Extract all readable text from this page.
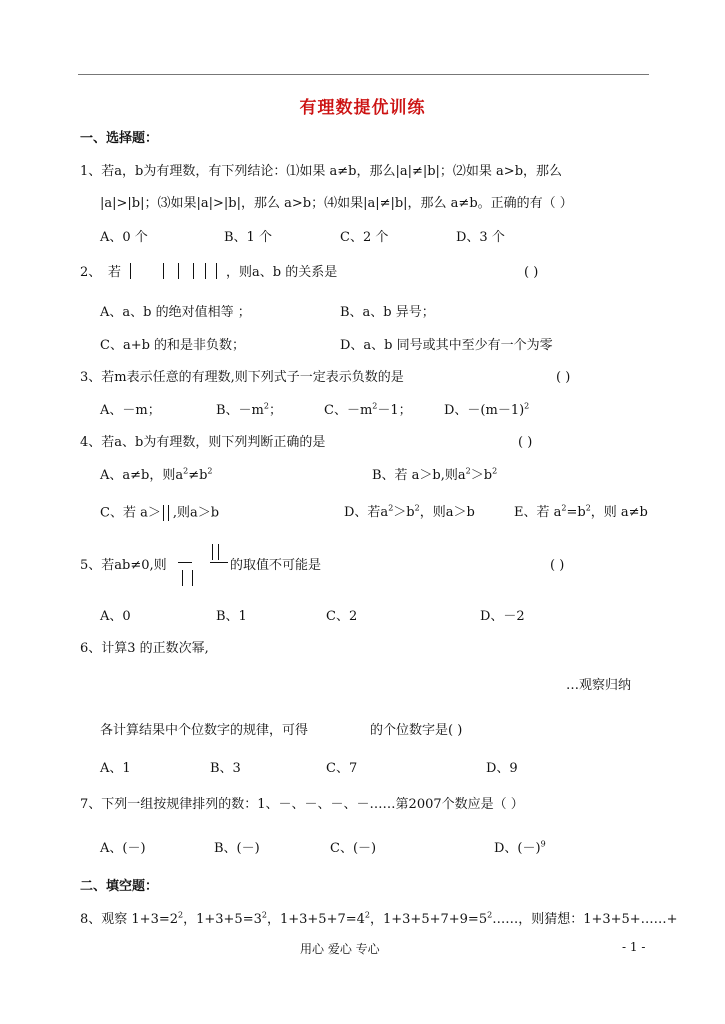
有理数提优训练
一、选择题：
1、若a，b为有理数，有下列结论：⑴如果 a≠b，那么|a|≠|b|；⑵如果 a>b，那么
|a|>|b|；⑶如果|a|>|b|，那么 a>b；⑷如果|a|≠|b|，那么 a≠b。正确的有（ ）
A、0 个	B、1 个	C、2 个	D、3 个
2、 若
	，则a、b 的关系是	( )
A、a、b 的绝对值相等 ；	B、a、b 异号；
C、a+b 的和是非负数；	D、a、b 同号或其中至少有一个为零
3、若m表示任意的有理数,则下列式子一定表示负数的是	( )
A、－m；	B、$-m^2$；	C、$-m^2-1$； D、$-(m-1)^2$
4、若a、b为有理数，则下列判断正确的是	( )
A、a≠b，则$a^2\ne b^2$	B、若 a＞b,则$a^2>b^2$
C、若 a＞ ,则a＞b	D、若$a^2>b^2$，则a＞b	E、若 $a^2=b^2$，则 a≠b
5、若ab≠0,则	的取值不可能是	( )
A、0	B、1	C、2	D、－2
6、计算3 的正数次幂,
…观察归纳
各计算结果中个位数字的规律，可得	的个位数字是( )
A、1	B、3	C、7	D、9
7、下列一组按规律排列的数：1、－、－、－、－……第2007个数应是（ ）
A、(－)	B、(－)	C、(－)	D、$(-)^9$
二、填空题：
8、观察 $1+3=2^2$，$1+3+5=3^2$，$1+3+5+7=4^2$，$1+3+5+7+9=5^2\dots\dots$，则猜想：1+3+5+……+
用心 爱心 专心	- 1 -
